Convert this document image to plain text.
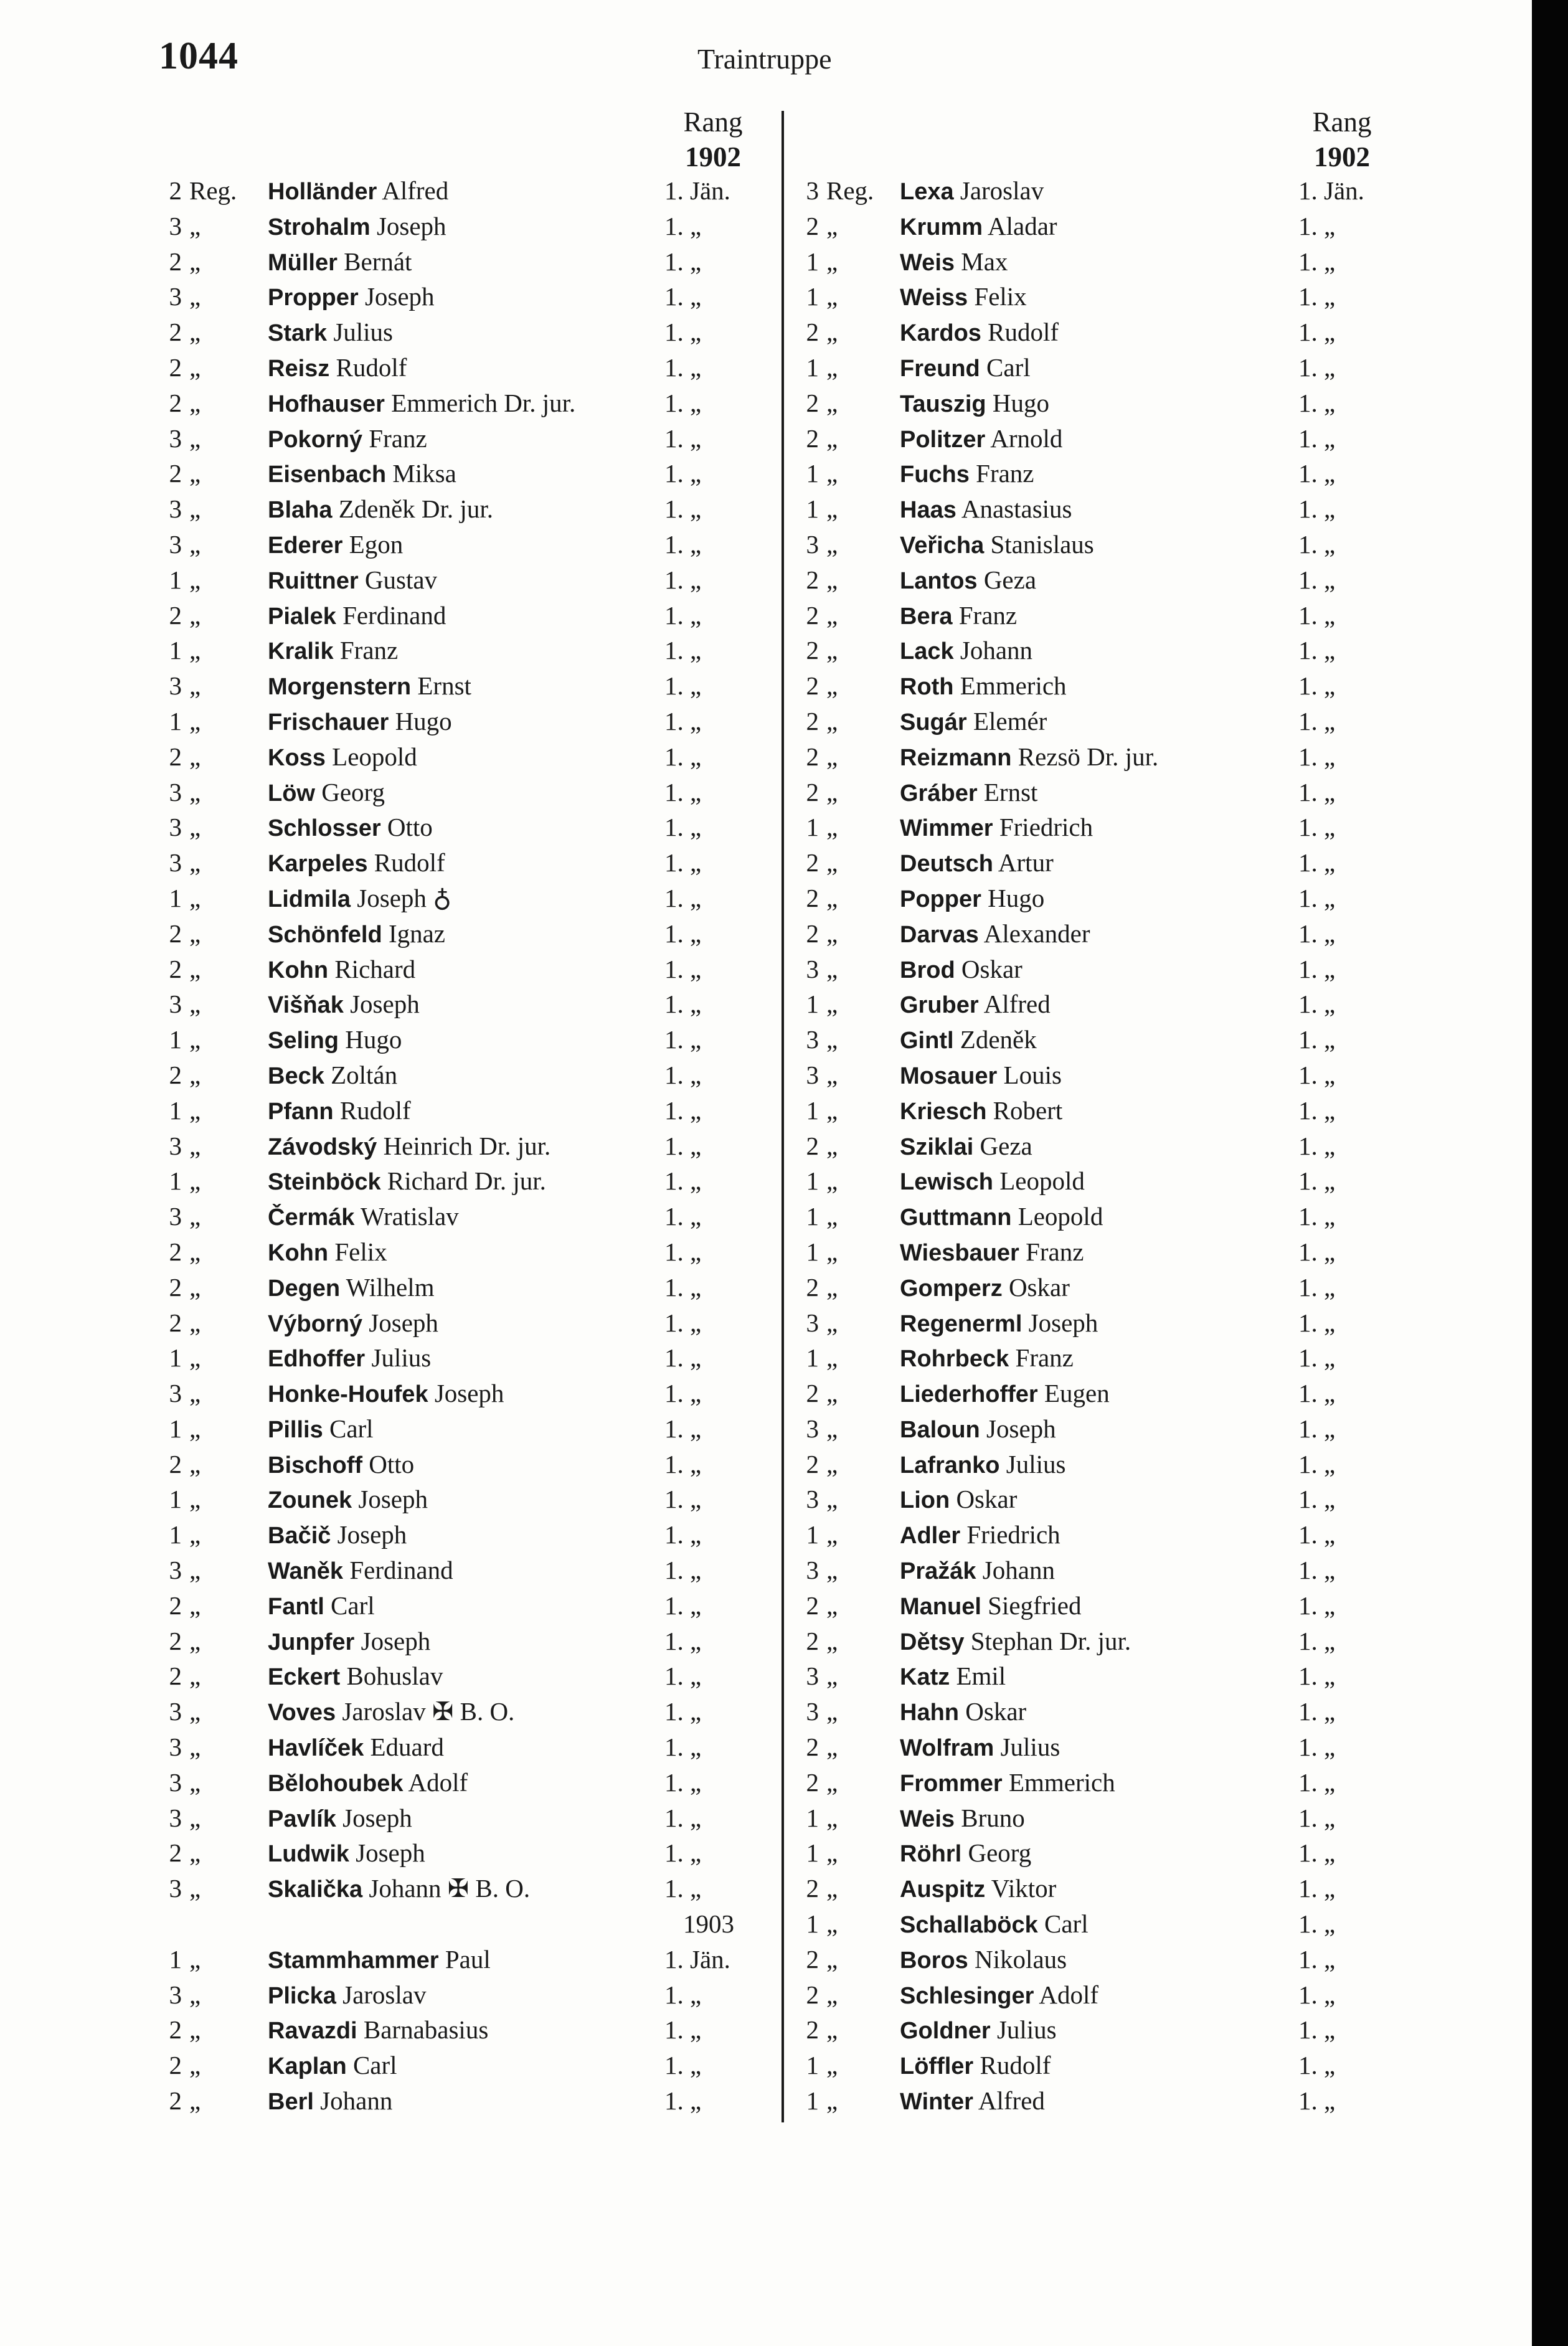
1044	Traintruppe
Rang
1902
Rang
1902
2 Reg. Holländer Alfred	1. Jän.
3 „	Strohalm Joseph	1. „
2 „	Müller Bernát	1. „
3 „	Propper Joseph	1. „
2 „	Stark Julius	1. „
2 „	Reisz Rudolf	1. „
2 „	Hofhauser Emmerich Dr. jur.	1. „
3 „	Pokorný Franz	1. „
2 „	Eisenbach Miksa	1. „
3 „	Blaha Zdeněk Dr. jur.	1. „
3 „	Ederer Egon	1. „
1 „	Ruittner Gustav	1. „
2 „	Pialek Ferdinand	1. „
1 „	Kralik Franz	1. „
3 „	Morgenstern Ernst	1. „
1 „	Frischauer Hugo	1. „
2 „	Koss Leopold	1. „
3 „	Löw Georg	1. „
3 „	Schlosser Otto	1. „
3 „	Karpeles Rudolf	1. „
1 „	Lidmila Joseph ♁	1. „
2 „	Schönfeld Ignaz	1. „
2 „	Kohn Richard	1. „
3 „	Višňak Joseph	1. „
1 „	Seling Hugo	1. „
2 „	Beck Zoltán	1. „
1 „	Pfann Rudolf	1. „
3 „	Závodský Heinrich Dr. jur.	1. „
1 „	Steinböck Richard Dr. jur.	1. „
3 „	Čermák Wratislav	1. „
2 „	Kohn Felix	1. „
2 „	Degen Wilhelm	1. „
2 „	Výborný Joseph	1. „
1 „	Edhoffer Julius	1. „
3 „	Honke-Houfek Joseph	1. „
1 „	Pillis Carl	1. „
2 „	Bischoff Otto	1. „
1 „	Zounek Joseph	1. „
1 „	Bačič Joseph	1. „
3 „	Waněk Ferdinand	1. „
2 „	Fantl Carl	1. „
2 „	Junpfer Joseph	1. „
2 „	Eckert Bohuslav	1. „
3 „	Voves Jaroslav ✠ B. O.	1. „
3 „	Havlíček Eduard	1. „
3 „	Bělohoubek Adolf	1. „
3 „	Pavlík Joseph	1. „
2 „	Ludwik Joseph	1. „
3 „	Skalička Johann ✠ B. O.	1. „
1903
1 „	Stammhammer Paul	1. Jän.
3 „	Plicka Jaroslav	1. „
2 „	Ravazdi Barnabasius	1. „
2 „	Kaplan Carl	1. „
2 „	Berl Johann	1. „
3 Reg. Lexa Jaroslav	1. Jän.
2 „	Krumm Aladar	1. „
1 „	Weis Max	1. „
1 „	Weiss Felix	1. „
2 „	Kardos Rudolf	1. „
1 „	Freund Carl	1. „
2 „	Tauszig Hugo	1. „
2 „	Politzer Arnold	1. „
1 „	Fuchs Franz	1. „
1 „	Haas Anastasius	1. „
3 „	Veřicha Stanislaus	1. „
2 „	Lantos Geza	1. „
2 „	Bera Franz	1. „
2 „	Lack Johann	1. „
2 „	Roth Emmerich	1. „
2 „	Sugár Elemér	1. „
2 „	Reizmann Rezsö Dr. jur.	1. „
2 „	Gráber Ernst	1. „
1 „	Wimmer Friedrich	1. „
2 „	Deutsch Artur	1. „
2 „	Popper Hugo	1. „
2 „	Darvas Alexander	1. „
3 „	Brod Oskar	1. „
1 „	Gruber Alfred	1. „
3 „	Gintl Zdeněk	1. „
3 „	Mosauer Louis	1. „
1 „	Kriesch Robert	1. „
2 „	Sziklai Geza	1. „
1 „	Lewisch Leopold	1. „
1 „	Guttmann Leopold	1. „
1 „	Wiesbauer Franz	1. „
2 „	Gomperz Oskar	1. „
3 „	Regenerml Joseph	1. „
1 „	Rohrbeck Franz	1. „
2 „	Liederhoffer Eugen	1. „
3 „	Baloun Joseph	1. „
2 „	Lafranko Julius	1. „
3 „	Lion Oskar	1. „
1 „	Adler Friedrich	1. „
3 „	Pražák Johann	1. „
2 „	Manuel Siegfried	1. „
2 „	Dětsy Stephan Dr. jur.	1. „
3 „	Katz Emil	1. „
3 „	Hahn Oskar	1. „
2 „	Wolfram Julius	1. „
2 „	Frommer Emmerich	1. „
1 „	Weis Bruno	1. „
1 „	Röhrl Georg	1. „
2 „	Auspitz Viktor	1. „
1 „	Schallaböck Carl	1. „
2 „	Boros Nikolaus	1. „
2 „	Schlesinger Adolf	1. „
2 „	Goldner Julius	1. „
1 „	Löffler Rudolf	1. „
1 „	Winter Alfred	1. „
